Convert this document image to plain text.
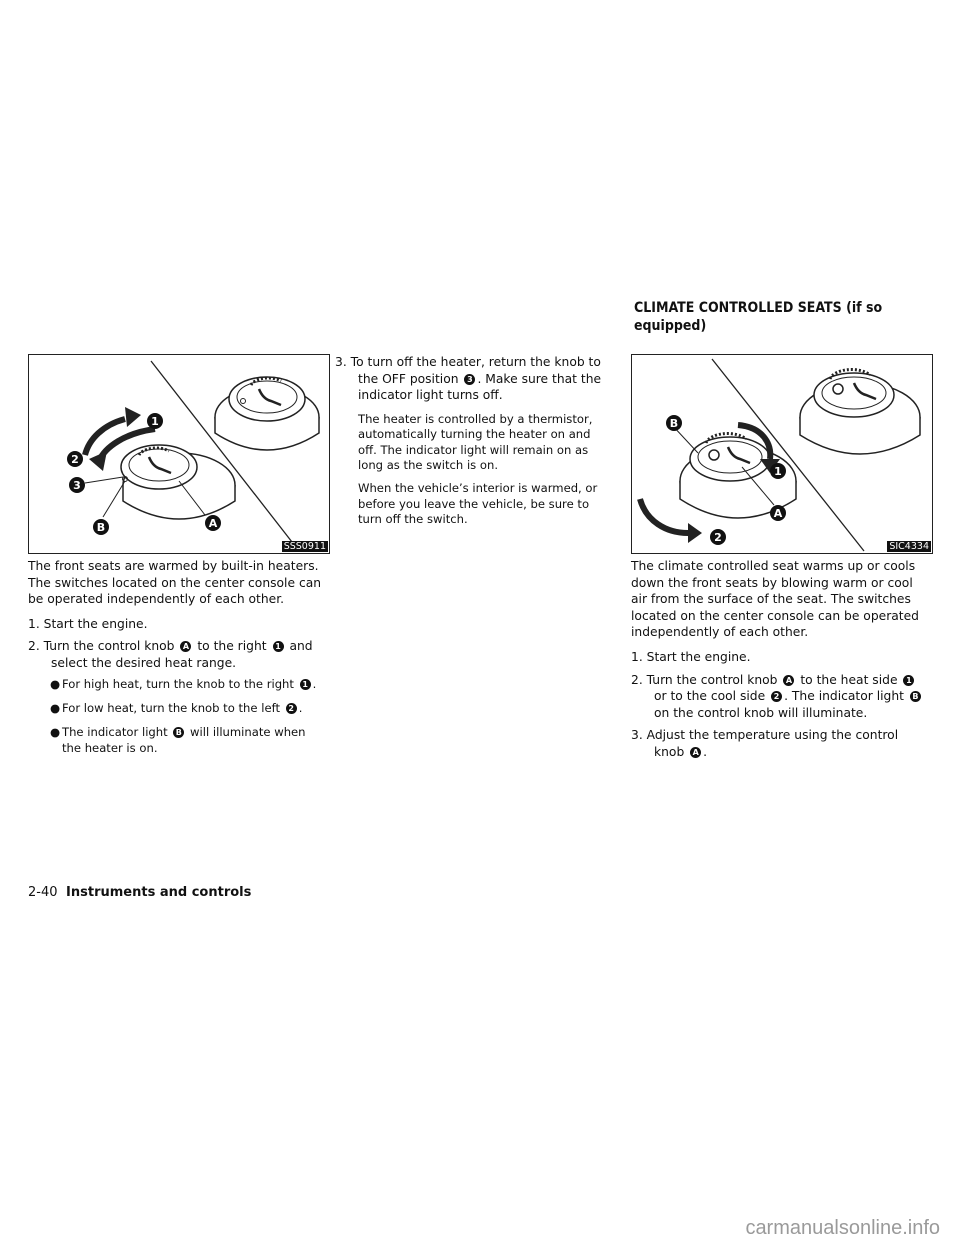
CLIMATE CONTROLLED SEATS (if so equipped)
1
2
3
B	A
SSS0911
B
1
A
2
SIC4334

The front seats are warmed by built-in heaters. The switches located on the center console can be operated independently of each other.

1. Start the engine.

2. Turn the control knob A to the right 1 and select the desired heat range.

● For high heat, turn the knob to the right 1 .
● For low heat, turn the knob to the left 2 .
● The indicator light B will illuminate when the heater is on.

3. To turn off the heater, return the knob to the OFF position 3 . Make sure that the indicator light turns off.

The heater is controlled by a thermistor, automatically turning the heater on and off. The indicator light will remain on as long as the switch is on.

When the vehicle’s interior is warmed, or before you leave the vehicle, be sure to turn off the switch.

The climate controlled seat warms up or cools down the front seats by blowing warm or cool air from the surface of the seat. The switches located on the center console can be operated independently of each other.

1. Start the engine.

2. Turn the control knob A to the heat side 1 or to the cool side 2 . The indicator light B on the control knob will illuminate.

3. Adjust the temperature using the control knob A .

2-40 Instruments and controls
carmanualsonline.info
